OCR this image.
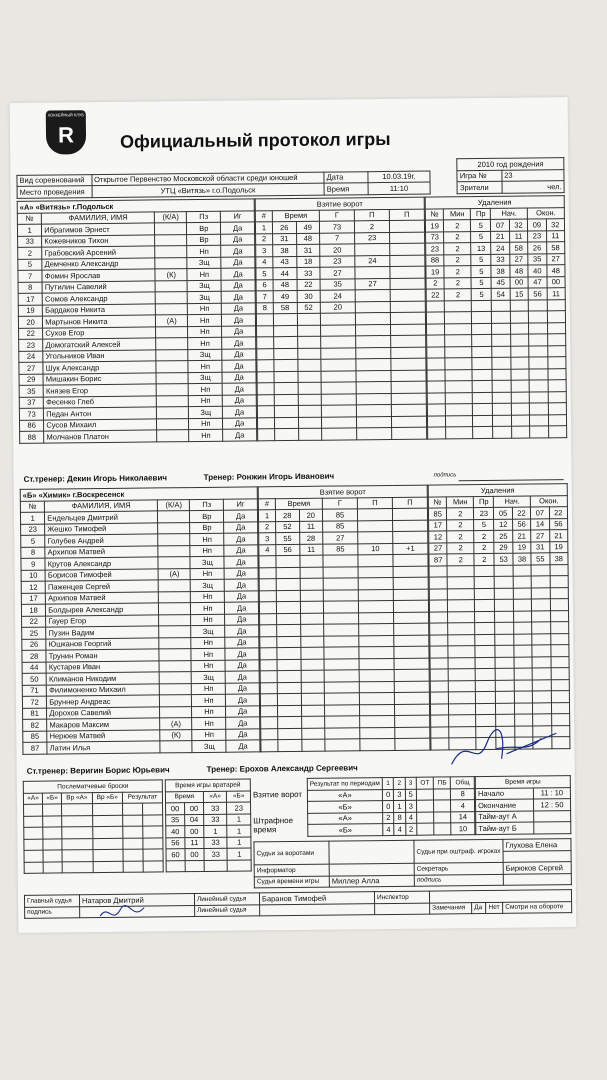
ХОККЕЙНЫЙ КЛУБ
R	Официальный протокол игры
						2010 год рождения	
Вид соревнований	Открытое Первенство Московской области среди юношей	Дата	10.03.19г.			Игра №	23
Место проведения	УТЦ «Витязь» г.о.Подольск	Время	11:10			Зрители	чел.
«А» «Витязь» г.Подольск				
№	ФАМИЛИЯ, ИМЯ	(К/А)	Пз	Иг
1	Ибрагимов Эрнест		Вр	Да
33	Кожевников Тихон		Вр	Да
2	Грабовский Арсений		Нп	Да
5	Демченко Александр		Зщ	Да
7	Фомин Ярослав	(К)	Нп	Да
8	Путилин Савелий		Зщ	Да
17	Сомов Александр		Зщ	Да
19	Бардаков Никита		Нп	Да
20	Мартынов Никита	(А)	Нп	Да
22	Сухов Егор		Нп	Да
23	Домогатский Алексей		Нп	Да
24	Угольников Иван		Зщ	Да
27	Шук Александр		Нп	Да
29	Мишакин Борис		Зщ	Да
35	Князев Егор		Нп	Да
37	Фесенко Глеб		Нп	Да
73	Педан Антон		Зщ	Да
86	Сусов Михаил		Нп	Да
88	Молчанов Платон		Нп	Да
Взятие ворот					
#	Время		Г	П	П
1	26	49	73	2	
2	31	48	7	23	
3	38	31	20		
4	43	18	23	24	
5	44	33	27		
6	48	22	35	27	
7	49	30	24		
8	58	52	20		

Удаления						
№	Мин	Пр	Нач.		Окон.	
19	2	5	07	32	09	32
73	2	5	21	11	23	11
23	2	13	24	58	26	58
88	2	5	33	27	35	27
19	2	5	38	48	40	48
2	2	5	45	00	47	00
22	2	5	54	15	56	11

Ст.тренер: Декин Игорь Николаевич	Тренер: Ронжин Игорь Иванович	подпись
«Б» «Химик» г.Воскресенск				
№	ФАМИЛИЯ, ИМЯ	(К/А)	Пз	Иг
1	Ендельцев Дмитрий		Вр	Да
23	Жешко Тимофей		Вр	Да
5	Голубев Андрей		Нп	Да
8	Архипов Матвей		Нп	Да
9	Крутов Александр		Зщ	Да
10	Борисов Тимофей	(А)	Нп	Да
12	Паженцев Сергей		Зщ	Да
17	Архипов Матвей		Нп	Да
18	Болдырев Александр		Нп	Да
22	Гауер Егор		Нп	Да
25	Пузин Вадим		Зщ	Да
26	Юшканов Георгий		Нп	Да
28	Трунин Роман		Нп	Да
44	Кустарев Иван		Нп	Да
50	Климанов Никодим		Зщ	Да
71	Филимоненко Михаил		Нп	Да
72	Бруннер Андреас		Нп	Да
81	Дорохов Савелий		Нп	Да
82	Макаров Максим	(А)	Нп	Да
85	Нерюев Матвей	(К)	Нп	Да
87	Латин Илья		Зщ	Да
Взятие ворот					
#	Время		Г	П	П
1	28	20	85		
2	52	11	85		
3	55	28	27		
4	56	11	85	10	+1

Удаления						
№	Мин	Пр	Нач.		Окон.	
85	2	23	05	22	07	22
17	2	5	12	56	14	56
12	2	2	25	21	27	21
27	2	2	29	19	31	19
87	2	2	53	38	55	38

Ст.тренер: Веригин Борис Юрьевич	Тренер: Ерохов Александр Сергеевич
Послематчевые броски					
«А»	«Б»	Вр «А»	Вр «Б»	Результат	

Время игры вратарей			
Время		«А»	«Б»
00	00	33	23
35	04	33	1
40	00	1	1
56	11	33	1
60	00	33	1

Взятие ворот
Штрафное время
Результат по периодам	1	2	3	ОТ	ПБ	Общ
«А»	0	3	5			8
«Б»	0	1	3			4
«А»	2	8	4			14
«Б»	4	4	2			10
Время игры	
Начало	11 : 10
Окончание	12 : 50
Тайм-аут А	
Тайм-аут Б	
Судьи за воротами		Судьи при оштраф. игроках	Глухова Елена

Информатор		Секретарь	Бирюков Сергей
Судья времени игры	Миллер Алла	подпись	
Главный судья	Натаров Дмитрий	Линейный судья	Баранов Тимофей	Инспектор				
подпись		Линейный судья			Замечания	Да	Нет	Смотри на обороте
